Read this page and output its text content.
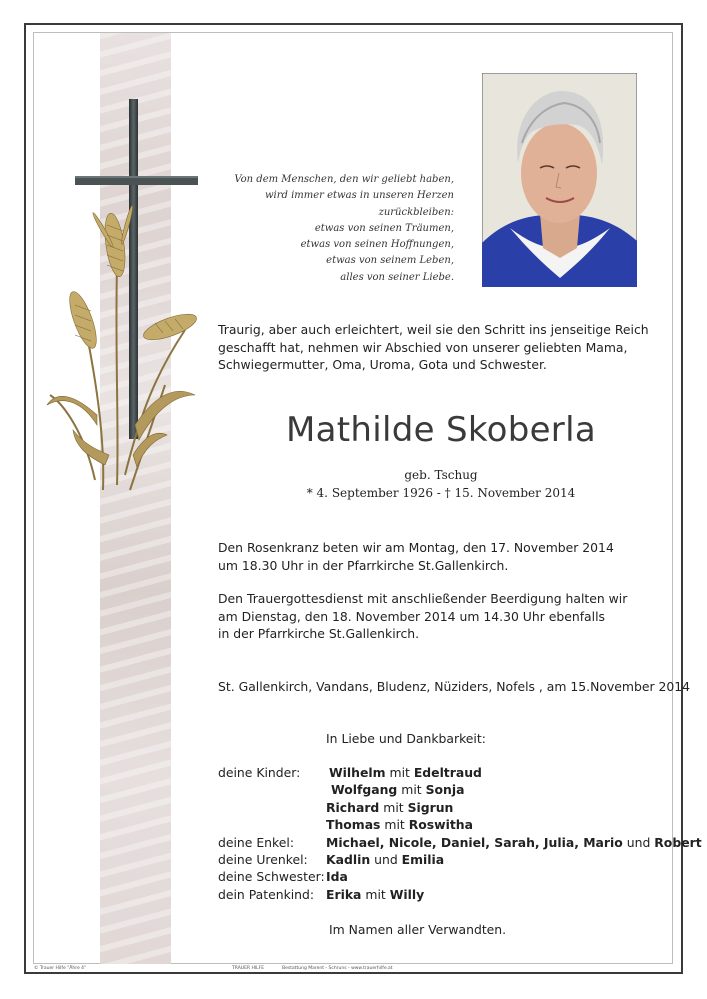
Von dem Menschen, den wir geliebt haben,
wird immer etwas in unseren Herzen
zurückbleiben:
etwas von seinen Träumen,
etwas von seinen Hoffnungen,
etwas von seinem Leben,
alles von seiner Liebe.
Traurig, aber auch erleichtert, weil sie den Schritt ins jenseitige Reich
geschafft hat, nehmen wir Abschied von unserer geliebten Mama,
Schwiegermutter, Oma, Uroma, Gota und Schwester.
Mathilde Skoberla
geb. Tschug
* 4. September 1926 - † 15. November 2014
Den Rosenkranz beten wir am Montag, den 17. November 2014
um 18.30 Uhr in der Pfarrkirche St.Gallenkirch.
Den Trauergottesdienst mit anschließender Beerdigung halten wir
am Dienstag, den 18. November 2014 um 14.30 Uhr ebenfalls
in der Pfarrkirche St.Gallenkirch.
St. Gallenkirch, Vandans, Bludenz, Nüziders, Nofels , am 15.November 2014
In Liebe und Dankbarkeit:
deine Kinder: Wilhelm mit Edeltraud
Wolfgang mit Sonja
Richard mit Sigrun
Thomas mit Roswitha
deine Enkel:	Michael, Nicole, Daniel, Sarah, Julia, Mario und Robert
deine Urenkel: Kadlin und Emilia
deine Schwester: Ida
dein Patenkind: Erika mit Willy
Im Namen aller Verwandten.
© Trauer Hilfe "Ähre 4"	TRAUER HILFE	Bestattung Marent - Schruns - www.trauerhilfe.at
